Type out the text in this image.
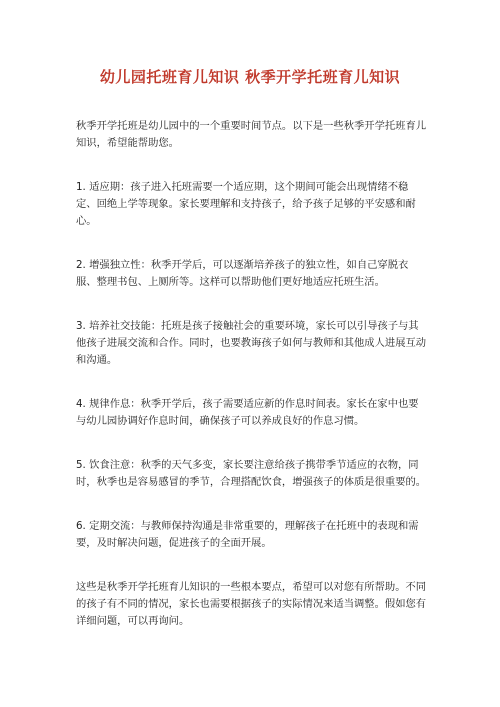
幼儿园托班育儿知识 秋季开学托班育儿知识

秋季开学托班是幼儿园中的一个重要时间节点。以下是一些秋季开学托班育儿知识，希望能帮助您。

1. 适应期：孩子进入托班需要一个适应期，这个期间可能会出现情绪不稳定、回绝上学等现象。家长要理解和支持孩子，给予孩子足够的平安感和耐心。

2. 增强独立性：秋季开学后，可以逐渐培养孩子的独立性，如自己穿脱衣服、整理书包、上厕所等。这样可以帮助他们更好地适应托班生活。

3. 培养社交技能：托班是孩子接触社会的重要环境，家长可以引导孩子与其他孩子进展交流和合作。同时，也要教诲孩子如何与教师和其他成人进展互动和沟通。

4. 规律作息：秋季开学后，孩子需要适应新的作息时间表。家长在家中也要与幼儿园协调好作息时间，确保孩子可以养成良好的作息习惯。

5. 饮食注意：秋季的天气多变，家长要注意给孩子携带季节适应的衣物，同时，秋季也是容易感冒的季节，合理搭配饮食，增强孩子的体质是很重要的。

6. 定期交流：与教师保持沟通是非常重要的，理解孩子在托班中的表现和需要，及时解决问题，促进孩子的全面开展。

这些是秋季开学托班育儿知识的一些根本要点，希望可以对您有所帮助。不同的孩子有不同的情况，家长也需要根据孩子的实际情况来适当调整。假如您有详细问题，可以再询问。
